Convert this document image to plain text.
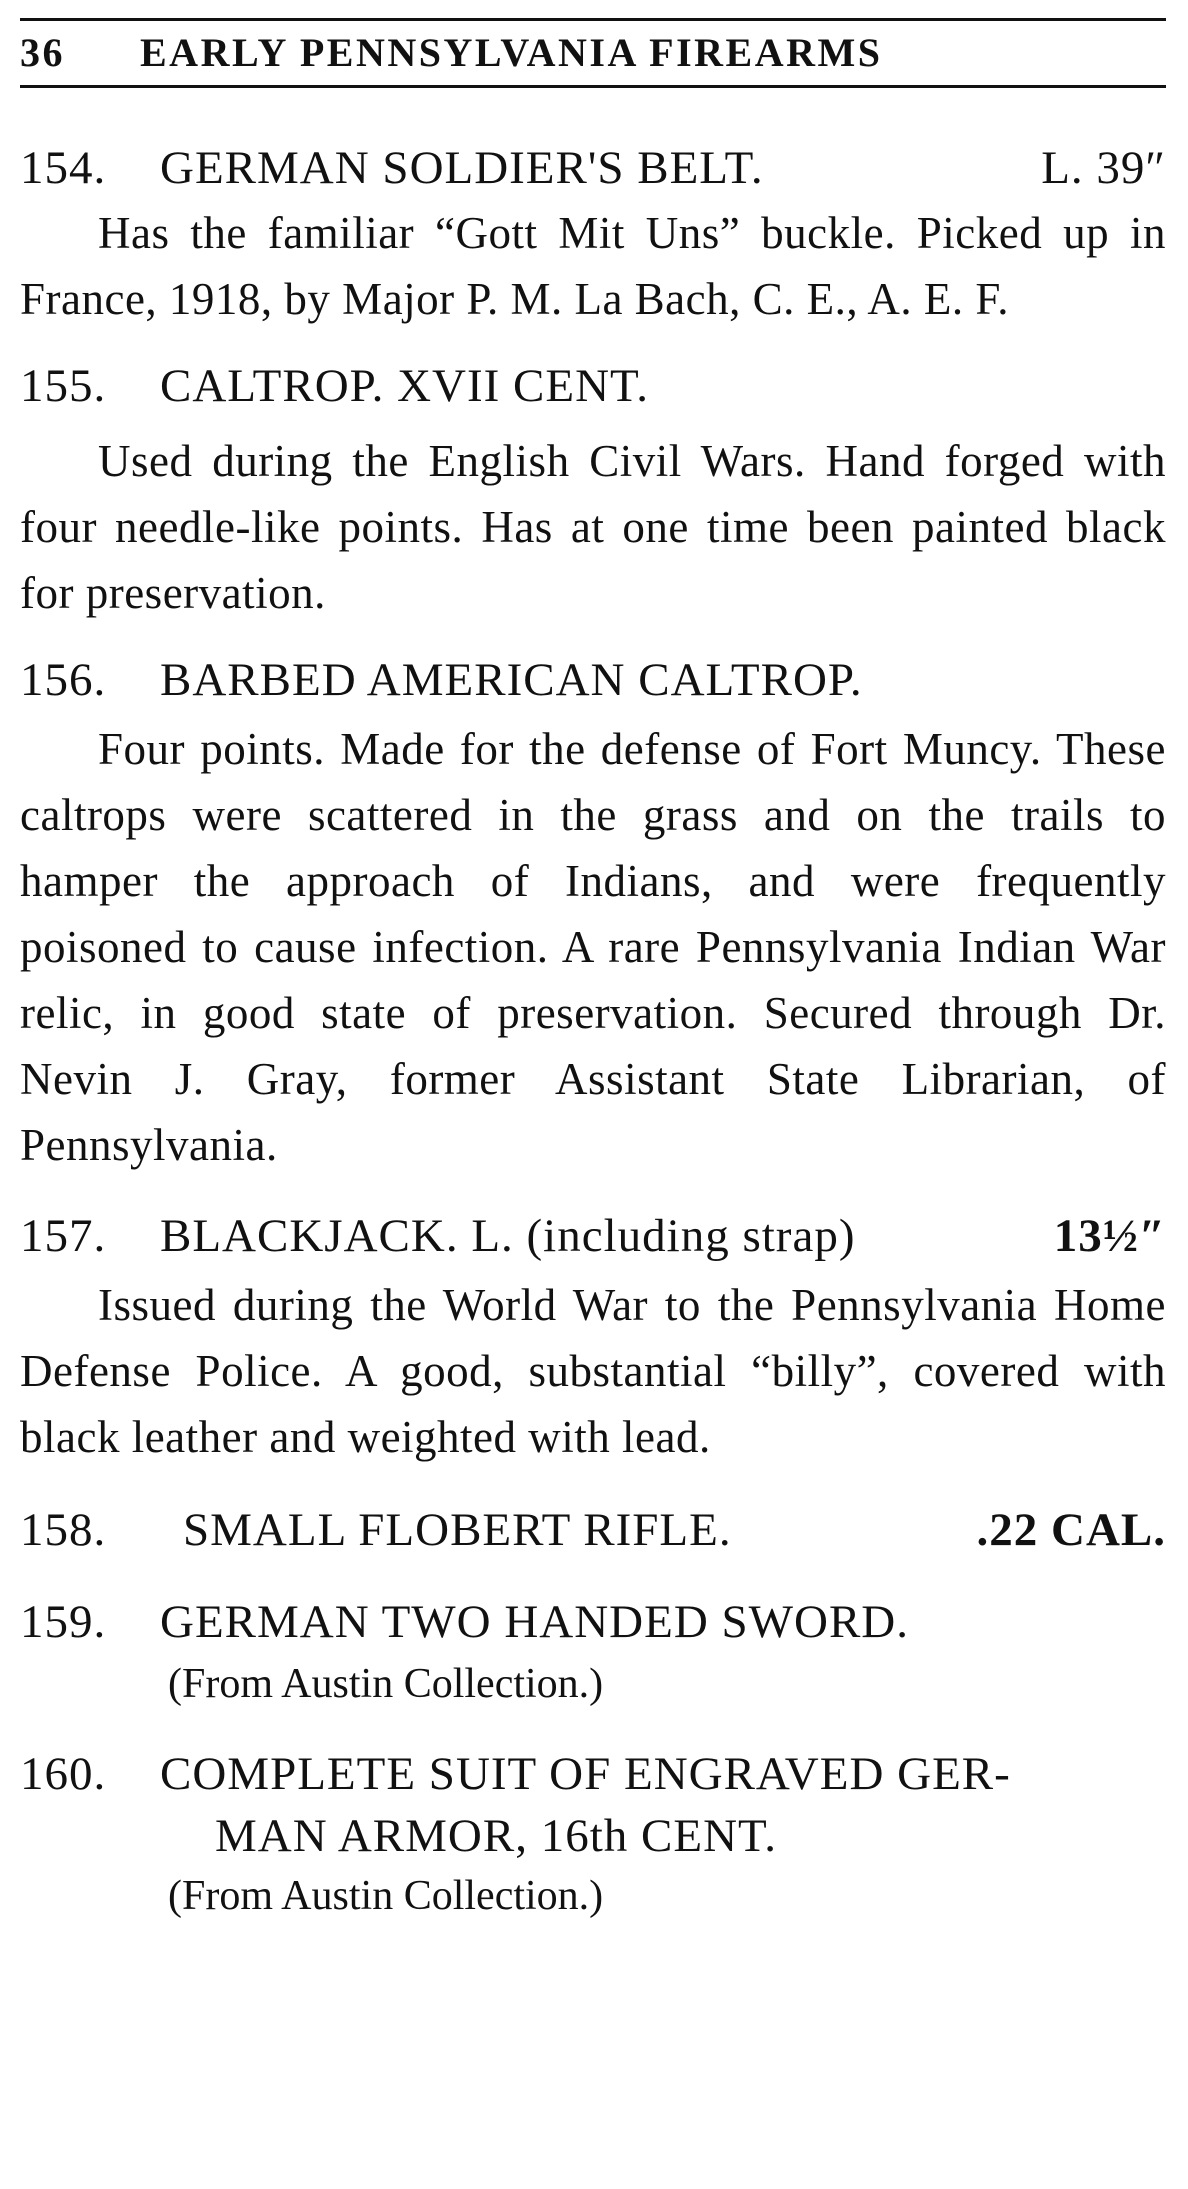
36	EARLY PENNSYLVANIA FIREARMS
154.	GERMAN SOLDIER'S BELT.	L. 39″
Has the familiar “Gott Mit Uns” buckle. Picked up in France, 1918, by Major P. M. La Bach, C. E., A. E. F.
155.	CALTROP. XVII CENT.
Used during the English Civil Wars. Hand forged with four needle-like points. Has at one time been painted black for preservation.
156.	BARBED AMERICAN CALTROP.
Four points. Made for the defense of Fort Muncy. These caltrops were scattered in the grass and on the trails to hamper the approach of Indians, and were frequently poisoned to cause infection. A rare Pennsylvania Indian War relic, in good state of preservation. Secured through Dr. Nevin J. Gray, former Assistant State Librarian, of Pennsylvania.
157.	BLACKJACK. L. (including strap)	13½″
Issued during the World War to the Pennsylvania Home Defense Police. A good, substantial “billy”, covered with black leather and weighted with lead.
158.	SMALL FLOBERT RIFLE.	.22 CAL.
159.	GERMAN TWO HANDED SWORD.
(From Austin Collection.)
160.	COMPLETE SUIT OF ENGRAVED GER-
MAN ARMOR, 16th CENT.
(From Austin Collection.)
